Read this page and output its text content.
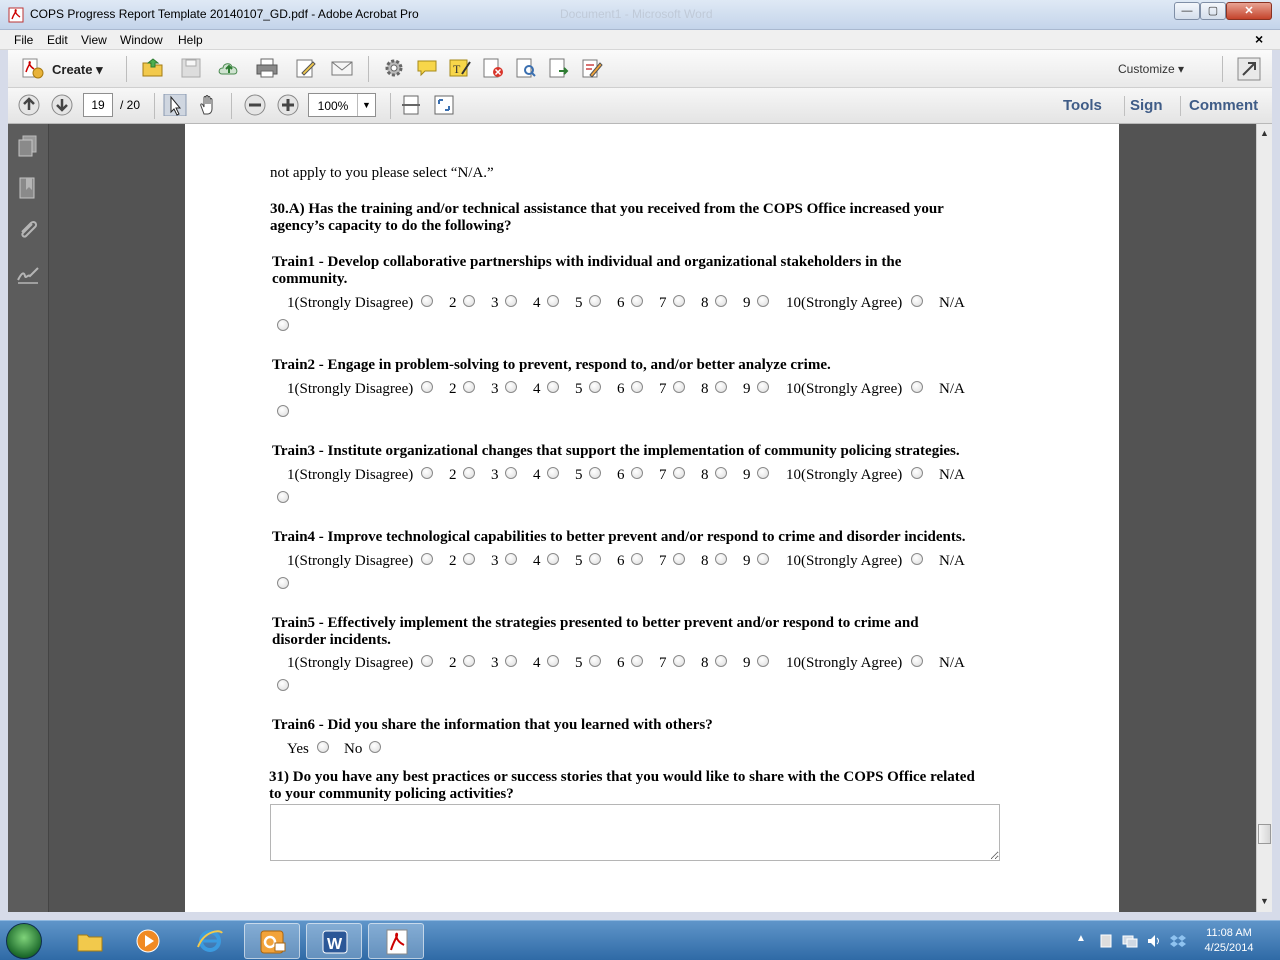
COPS Progress Report Template 20140107_GD.pdf - Adobe Acrobat Pro	Document1 - Microsoft Word	—	▢	✕
File Edit View Window Help	×
Create ▾	T	Customize ▾
19
/ 20	100%	▼	Tools Sign Comment
not apply to you please select “N/A.”
30.A) Has the training and/or technical assistance that you received from the COPS Office increased your
agency’s capacity to do the following?
Train1 - Develop collaborative partnerships with individual and organizational stakeholders in the
community.
1(Strongly Disagree) 2 3 4 5 6 7 8 9 10(Strongly Agree) N/A
Train2 - Engage in problem-solving to prevent, respond to, and/or better analyze crime.
1(Strongly Disagree) 2 3 4 5 6 7 8 9 10(Strongly Agree) N/A
Train3 - Institute organizational changes that support the implementation of community policing strategies.
1(Strongly Disagree) 2 3 4 5 6 7 8 9 10(Strongly Agree) N/A
Train4 - Improve technological capabilities to better prevent and/or respond to crime and disorder incidents.
1(Strongly Disagree) 2 3 4 5 6 7 8 9 10(Strongly Agree) N/A
Train5 - Effectively implement the strategies presented to better prevent and/or respond to crime and
disorder incidents.
1(Strongly Disagree) 2 3 4 5 6 7 8 9 10(Strongly Agree) N/A
Train6 - Did you share the information that you learned with others?
Yes No
31) Do you have any best practices or success stories that you would like to share with the COPS Office related
to your community policing activities?
▲
▼
W	▲	11:08 AM
4/25/2014
